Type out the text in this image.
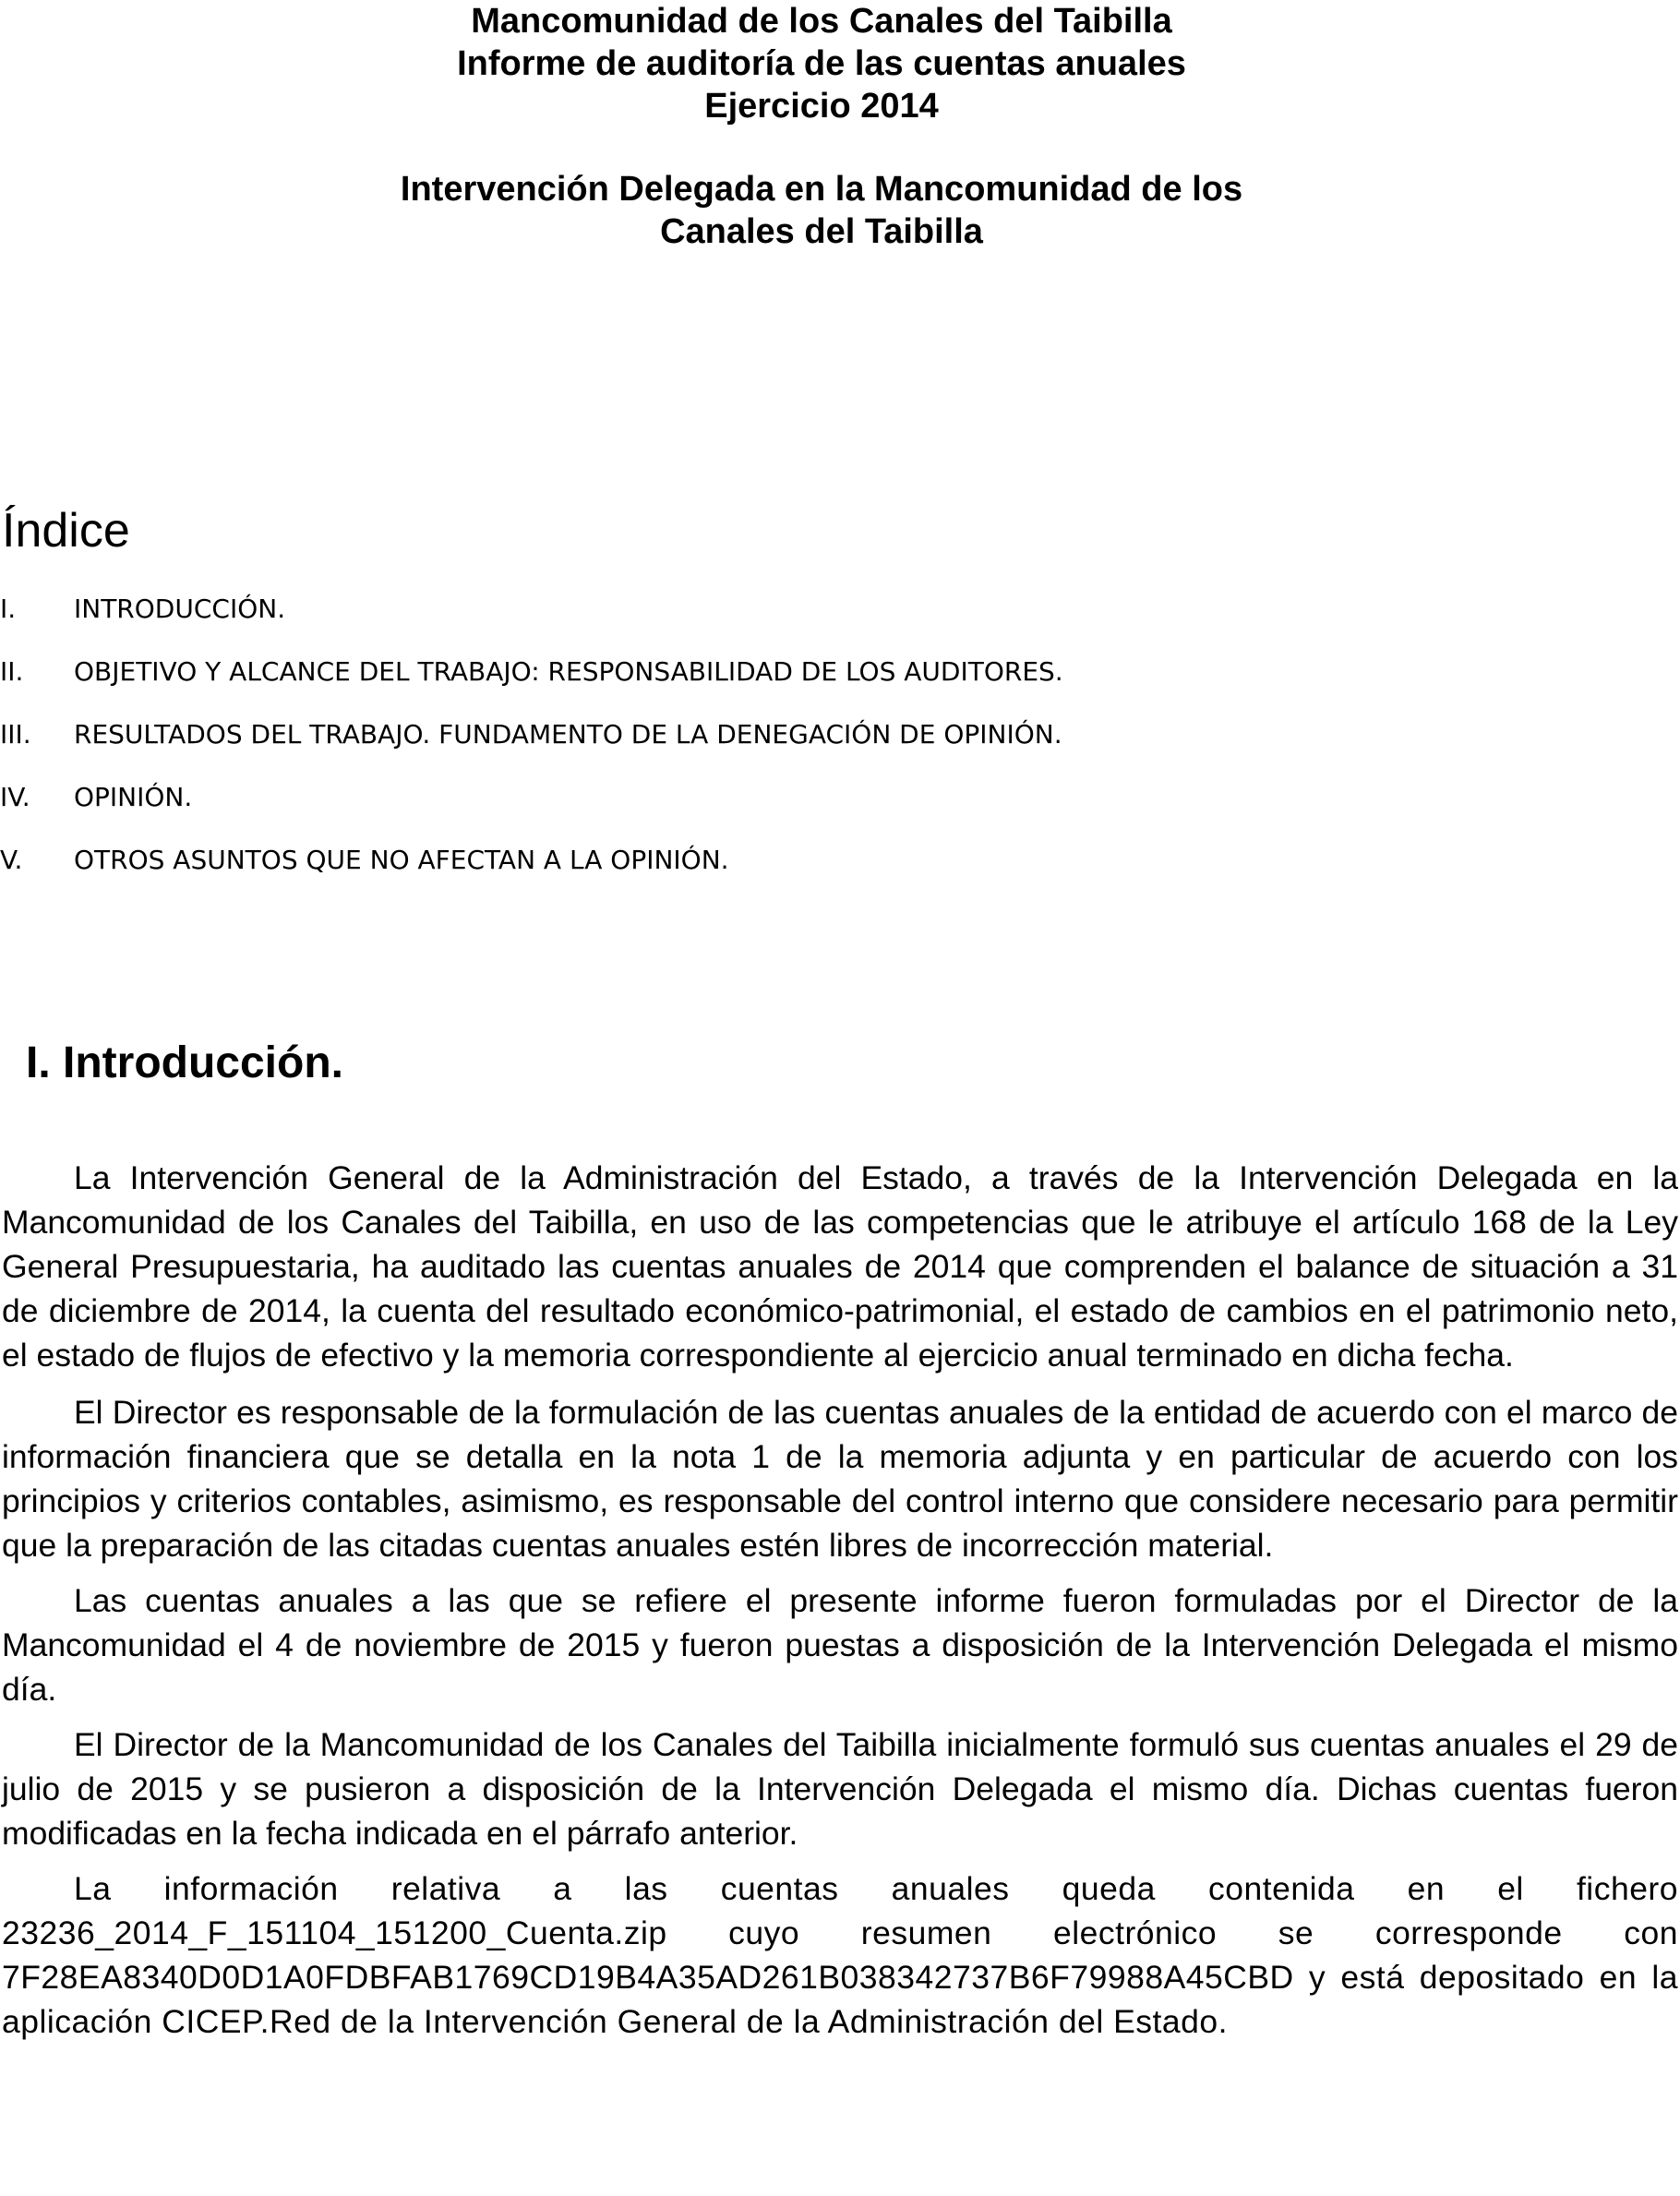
Mancomunidad de los Canales del Taibilla
Informe de auditoría de las cuentas anuales
Ejercicio 2014
Intervención Delegada en la Mancomunidad de los
Canales del Taibilla
Índice
I.	INTRODUCCIÓN.
II.	OBJETIVO Y ALCANCE DEL TRABAJO: RESPONSABILIDAD DE LOS AUDITORES.
III.	RESULTADOS DEL TRABAJO. FUNDAMENTO DE LA DENEGACIÓN DE OPINIÓN.
IV.	OPINIÓN.
V.	OTROS ASUNTOS QUE NO AFECTAN A LA OPINIÓN.
I. Introducción.

La Intervención General de la Administración del Estado, a través de la Intervención Delegada en la Mancomunidad de los Canales del Taibilla, en uso de las competencias que le atribuye el artículo 168 de la Ley General Presupuestaria, ha auditado las cuentas anuales de 2014 que comprenden el balance de situación a 31 de diciembre de 2014, la cuenta del resultado económico-patrimonial, el estado de cambios en el patrimonio neto, el estado de flujos de efectivo y la memoria correspondiente al ejercicio anual terminado en dicha fecha.

El Director es responsable de la formulación de las cuentas anuales de la entidad de acuerdo con el marco de información financiera que se detalla en la nota 1 de la memoria adjunta y en particular de acuerdo con los principios y criterios contables, asimismo, es responsable del control interno que considere necesario para permitir que la preparación de las citadas cuentas anuales estén libres de incorrección material.

Las cuentas anuales a las que se refiere el presente informe fueron formuladas por el Director de la Mancomunidad el 4 de noviembre de 2015 y fueron puestas a disposición de la Intervención Delegada el mismo día.

El Director de la Mancomunidad de los Canales del Taibilla inicialmente formuló sus cuentas anuales el 29 de julio de 2015 y se pusieron a disposición de la Intervención Delegada el mismo día. Dichas cuentas fueron modificadas en la fecha indicada en el párrafo anterior.

La información relativa a las cuentas anuales queda contenida en el fichero 23236_2014_F_151104_151200_Cuenta.zip cuyo resumen electrónico se corresponde con 7F28EA8340D0D1A0FDBFAB1769CD19B4A35AD261B038342737B6F79988A45CBD y está depositado en la aplicación CICEP.Red de la Intervención General de la Administración del Estado.
